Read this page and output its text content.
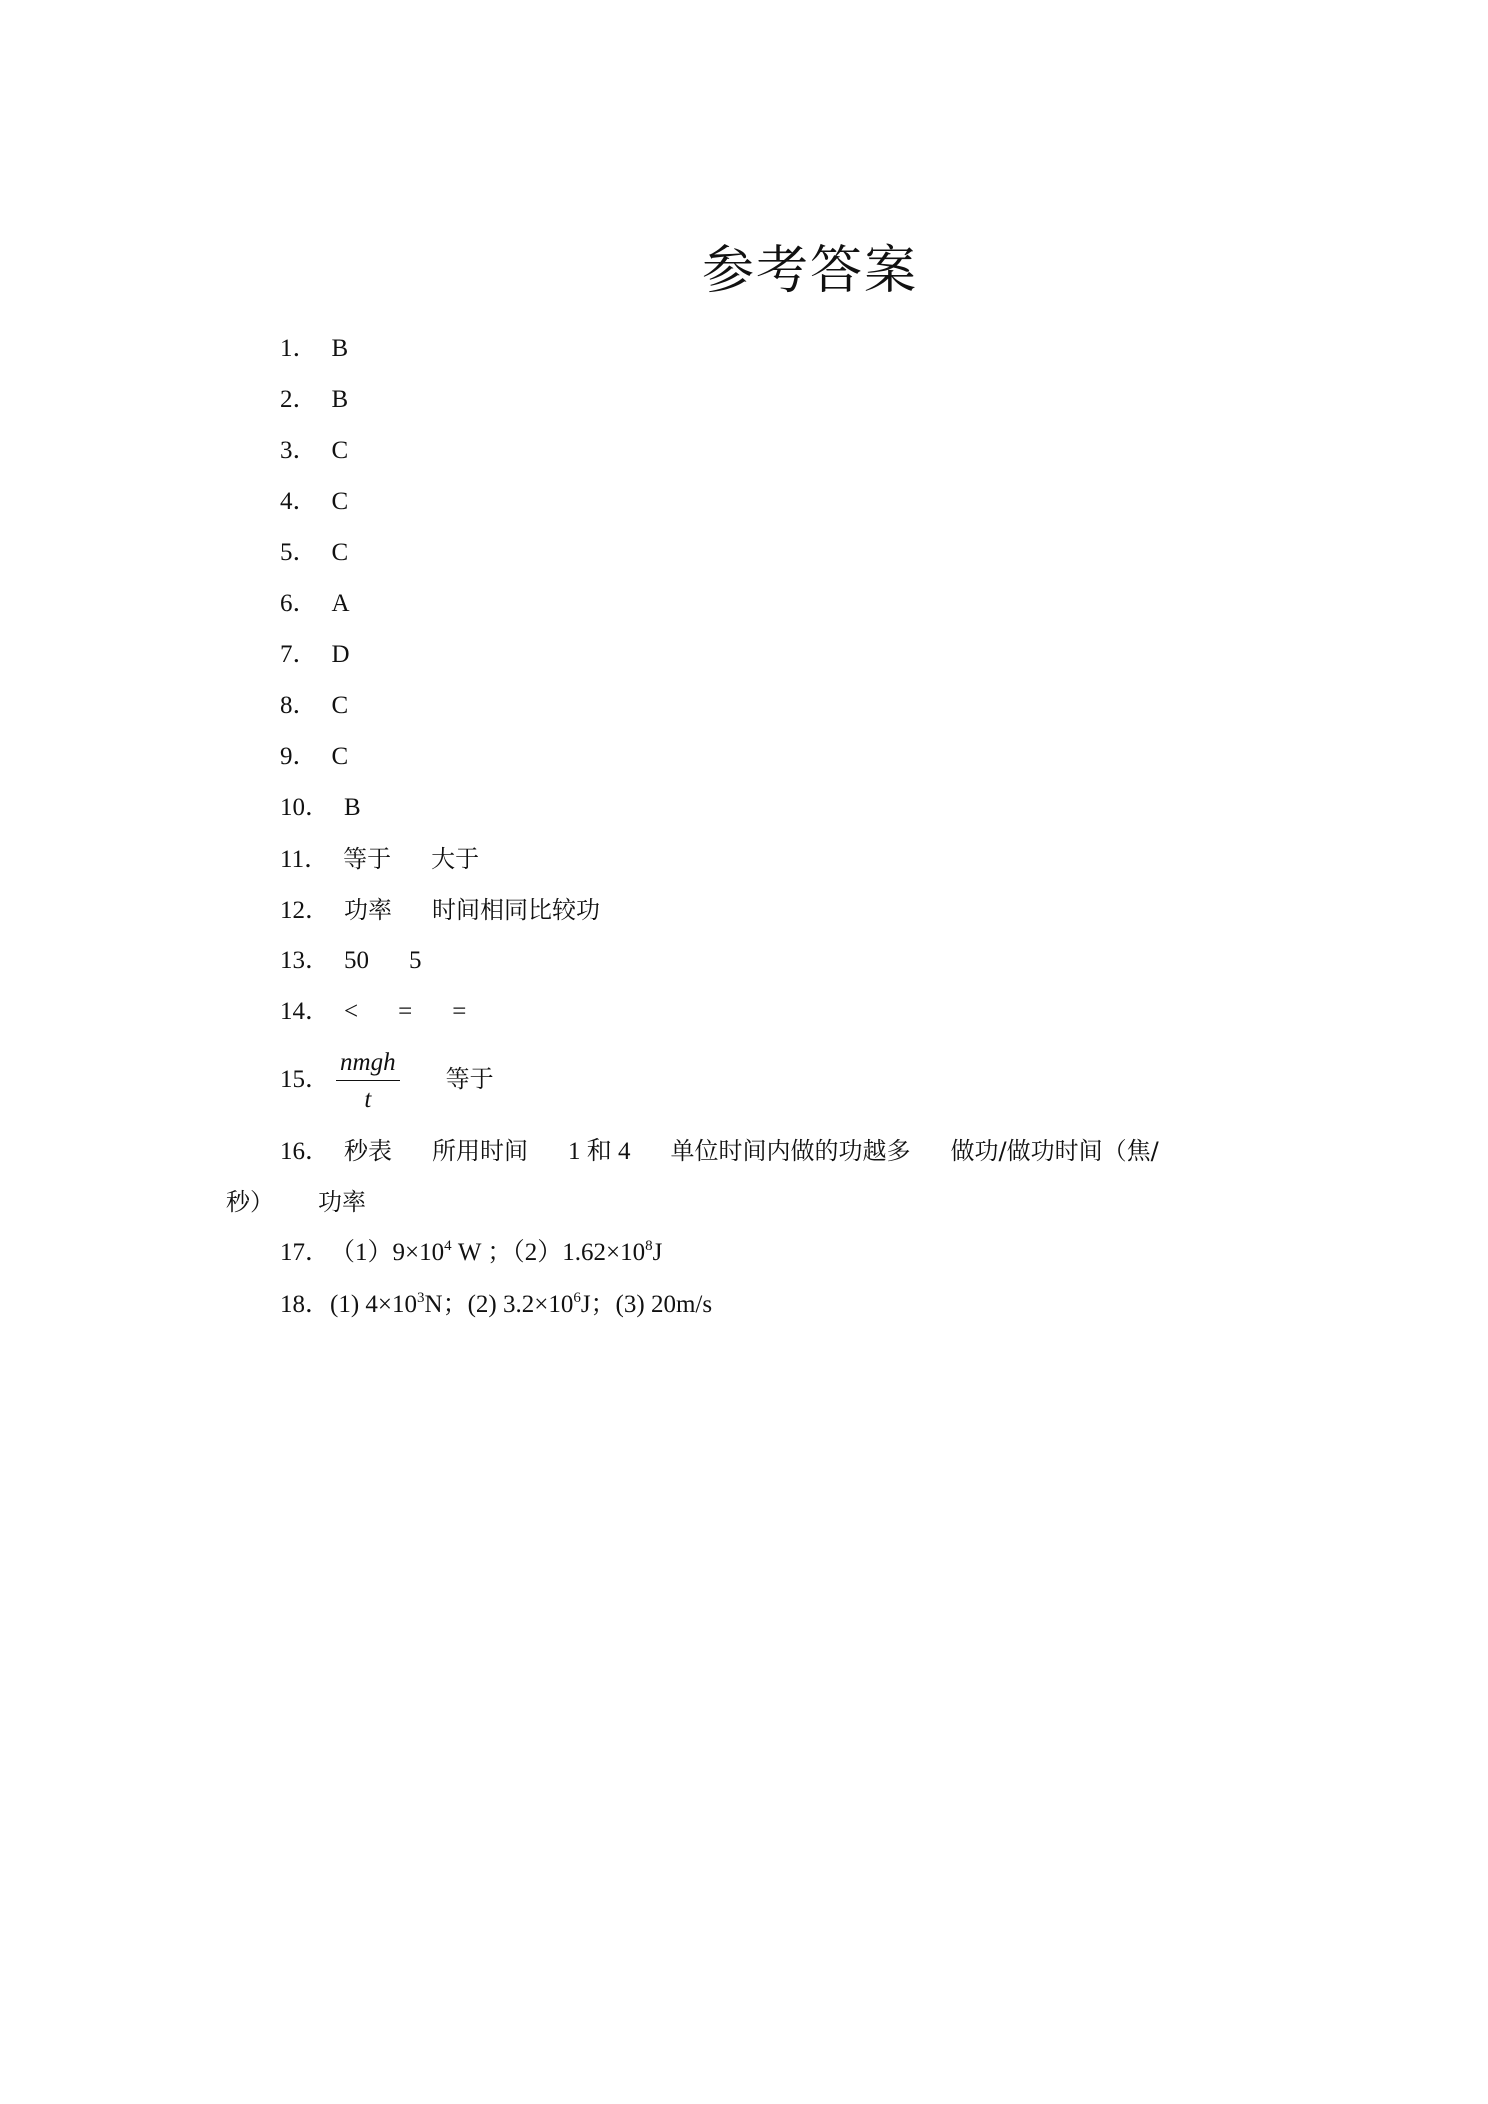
参考答案
1． B
2． B
3． C
4． C
5． C
6． A
7． D
8． C
9． C
10． B
11． 等于 大于
12． 功率 时间相同比较功
13． 50 5
14． < = =
15． $\frac{\text{nmgh}}{t}$ 等于
16． 秒表 所用时间 1 和 4 单位时间内做的功越多 做功/做功时间（焦/
秒） 功率
17．$(1)9\times 10^4$ W ；$(2)1.62\times 10^8J$
18．(1) $4\times 10^3N$；(2) $3.2\times 10^6J$；(3) 20m/s
